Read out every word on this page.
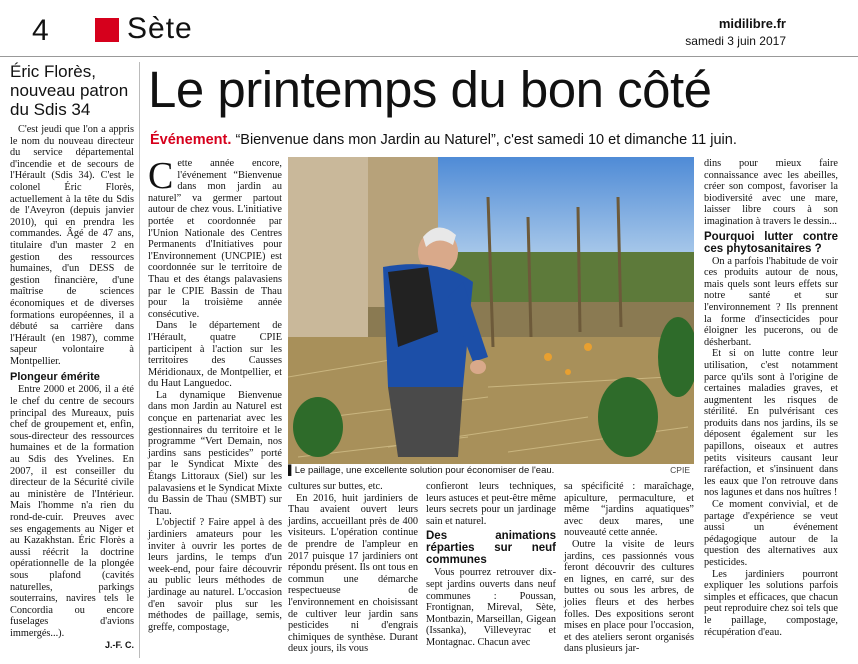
4	Sète	midilibre.fr
samedi 3 juin 2017
Éric Florès,
nouveau patron
du Sdis 34

C'est jeudi que l'on a appris le nom du nouveau directeur du service départemental d'incendie et de secours de l'Hérault (Sdis 34). C'est le colonel Éric Florès, actuellement à la tête du Sdis de l'Aveyron (depuis janvier 2010), qui en prendra les commandes. Âgé de 47 ans, titulaire d'un master 2 en gestion des ressources humaines, d'un DESS de gestion financière, d'une maîtrise de sciences économiques et de diverses formations européennes, il a débuté sa carrière dans l'Hérault (en 1987), comme sapeur volontaire à Montpellier.

Plongeur émérite

Entre 2000 et 2006, il a été le chef du centre de secours principal des Mureaux, puis chef de groupement et, enfin, sous-directeur des ressources humaines et de la formation au Sdis des Yvelines. En 2007, il est conseiller du directeur de la Sécurité civile au ministère de l'Intérieur. Mais l'homme n'a rien du rond-de-cuir. Preuves avec ses engagements au Niger et au Kazakhstan. Éric Florès a aussi réécrit la doctrine opérationnelle de la plongée sous plafond (cavités naturelles, parkings souterrains, navires tels le Concordia ou encore fuselages d'avions immergés...).

J.-F. C.
Le printemps du bon côté
Événement. “Bienvenue dans mon Jardin au Naturel”, c'est samedi 10 et dimanche 11 juin.
▌Le paillage, une excellente solution pour économiser de l'eau.	CPIE

Cette année encore, l'événement “Bienvenue dans mon jardin au naturel” va germer partout autour de chez vous. L'initiative portée et coordonnée par l'Union Nationale des Centres Permanents d'Initiatives pour l'Environnement (UNCPIE) est coordonnée sur le territoire de Thau et des étangs palavasiens par le CPIE Bassin de Thau pour la troisième année consécutive.

Dans le département de l'Hérault, quatre CPIE participent à l'action sur les territoires des Causses Méridionaux, de Montpellier, et du Haut Languedoc.

La dynamique Bienvenue dans mon Jardin au Naturel est conçue en partenariat avec les gestionnaires du territoire et le programme “Vert Demain, nos jardins sans pesticides” porté par le Syndicat Mixte des Étangs Littoraux (Siel) sur les palavasiens et le Syndicat Mixte du Bassin de Thau (SMBT) sur Thau.

L'objectif ? Faire appel à des jardiniers amateurs pour les inviter à ouvrir les portes de leurs jardins, le temps d'un week-end, pour faire découvrir au public leurs méthodes de jardinage au naturel. L'occasion d'en savoir plus sur les méthodes de paillage, semis, greffe, compostage,

cultures sur buttes, etc.

En 2016, huit jardiniers de Thau avaient ouvert leurs jardins, accueillant près de 400 visiteurs. L'opération continue de prendre de l'ampleur en 2017 puisque 17 jardiniers ont répondu présent. Ils ont tous en commun une démarche respectueuse de l'environnement en choisissant de cultiver leur jardin sans pesticides ni d'engrais chimiques de synthèse. Durant deux jours, ils vous

confieront leurs techniques, leurs astuces et peut-être même leurs secrets pour un jardinage sain et naturel.

Des animations réparties sur neuf communes

Vous pourrez retrouver dix-sept jardins ouverts dans neuf communes : Poussan, Frontignan, Mireval, Sète, Montbazin, Marseillan, Gigean (Issanka), Villeveyrac et Montagnac. Chacun avec

sa spécificité : maraîchage, apiculture, permaculture, et même “jardins aquatiques” avec deux mares, une nouveauté cette année.

Outre la visite de leurs jardins, ces passionnés vous feront découvrir des cultures en lignes, en carré, sur des buttes ou sous les arbres, de jolies fleurs et des herbes folles. Des expositions seront mises en place pour l'occasion, et des ateliers seront organisés dans plusieurs jar-

dins pour mieux faire connaissance avec les abeilles, créer son compost, favoriser la biodiversité avec une mare, laisser libre cours à son imagination à travers le dessin...

Pourquoi lutter contre ces phytosanitaires ?

On a parfois l'habitude de voir ces produits autour de nous, mais quels sont leurs effets sur notre santé et sur l'environnement ? Ils prennent la forme d'insecticides pour éloigner les pucerons, ou de désherbant.

Et si on lutte contre leur utilisation, c'est notamment parce qu'ils sont à l'origine de certaines maladies graves, et augmentent les risques de stérilité. En pulvérisant ces produits dans nos jardins, ils se déposent également sur les papillons, oiseaux et autres petits visiteurs causant leur raréfaction, et s'insinuent dans les eaux que l'on retrouve dans nos lagunes et dans nos huîtres !

Ce moment convivial, et de partage d'expérience se veut aussi un événement pédagogique autour de la question des alternatives aux pesticides.

Les jardiniers pourront expliquer les solutions parfois simples et efficaces, que chacun peut reproduire chez soi tels que le paillage, compostage, récupération d'eau.
